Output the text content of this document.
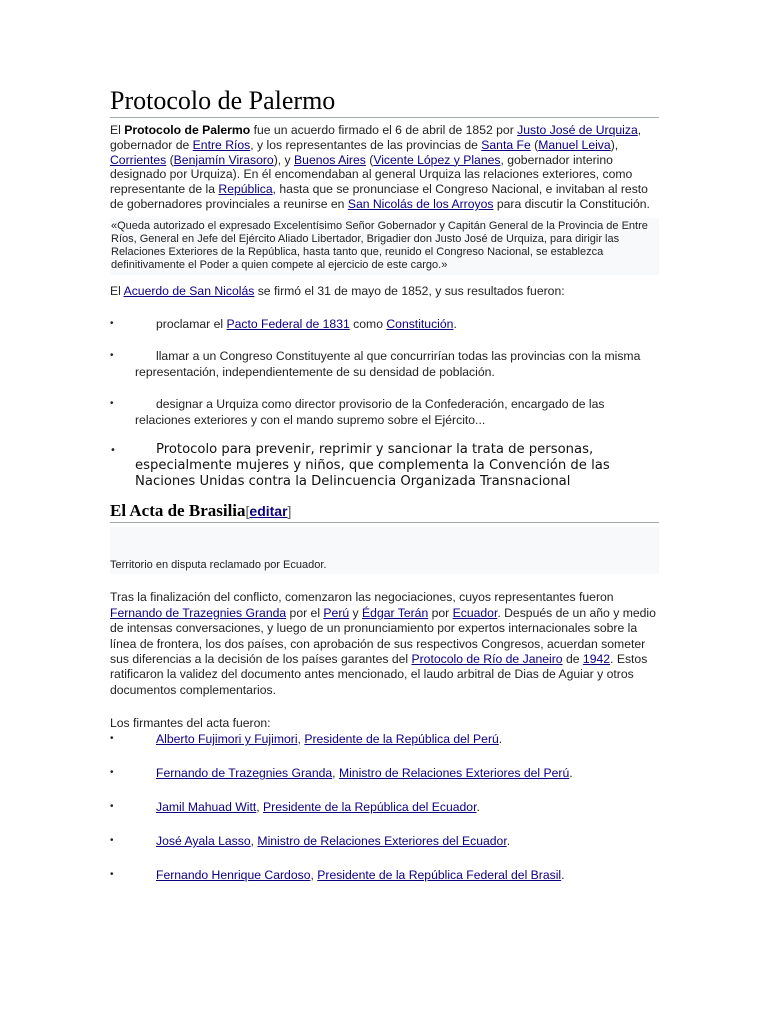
Protocolo de Palermo

El Protocolo de Palermo fue un acuerdo firmado el 6 de abril de 1852 por Justo José de Urquiza, gobernador de Entre Ríos, y los representantes de las provincias de Santa Fe (Manuel Leiva), Corrientes (Benjamín Virasoro), y Buenos Aires (Vicente López y Planes, gobernador interino designado por Urquiza). En él encomendaban al general Urquiza las relaciones exteriores, como representante de la República, hasta que se pronunciase el Congreso Nacional, e invitaban al resto de gobernadores provinciales a reunirse en San Nicolás de los Arroyos para discutir la Constitución.

«Queda autorizado el expresado Excelentísimo Señor Gobernador y Capitán General de la Provincia de Entre Ríos, General en Jefe del Ejército Aliado Libertador, Brigadier don Justo José de Urquiza, para dirigir las Relaciones Exteriores de la República, hasta tanto que, reunido el Congreso Nacional, se establezca definitivamente el Poder a quien compete al ejercicio de este cargo.»

El Acuerdo de San Nicolás se firmó el 31 de mayo de 1852, y sus resultados fueron:

•	proclamar el Pacto Federal de 1831 como Constitución.
•	llamar a un Congreso Constituyente al que concurrirían todas las provincias con la misma representación, independientemente de su densidad de población.
•	designar a Urquiza como director provisorio de la Confederación, encargado de las relaciones exteriores y con el mando supremo sobre el Ejército...
•	Protocolo para prevenir, reprimir y sancionar la trata de personas, especialmente mujeres y niños, que complementa la Convención de las Naciones Unidas contra la Delincuencia Organizada Transnacional
El Acta de Brasilia[editar]
Territorio en disputa reclamado por Ecuador.

Tras la finalización del conflicto, comenzaron las negociaciones, cuyos representantes fueron Fernando de Trazegnies Granda por el Perú y Édgar Terán por Ecuador. Después de un año y medio de intensas conversaciones, y luego de un pronunciamiento por expertos internacionales sobre la línea de frontera, los dos países, con aprobación de sus respectivos Congresos, acuerdan someter sus diferencias a la decisión de los países garantes del Protocolo de Río de Janeiro de 1942. Estos ratificaron la validez del documento antes mencionado, el laudo arbitral de Dias de Aguiar y otros documentos complementarios.

Los firmantes del acta fueron:

•	Alberto Fujimori y Fujimori, Presidente de la República del Perú.
•	Fernando de Trazegnies Granda, Ministro de Relaciones Exteriores del Perú.
•	Jamil Mahuad Witt, Presidente de la República del Ecuador.
•	José Ayala Lasso, Ministro de Relaciones Exteriores del Ecuador.
•	Fernando Henrique Cardoso, Presidente de la República Federal del Brasil.
